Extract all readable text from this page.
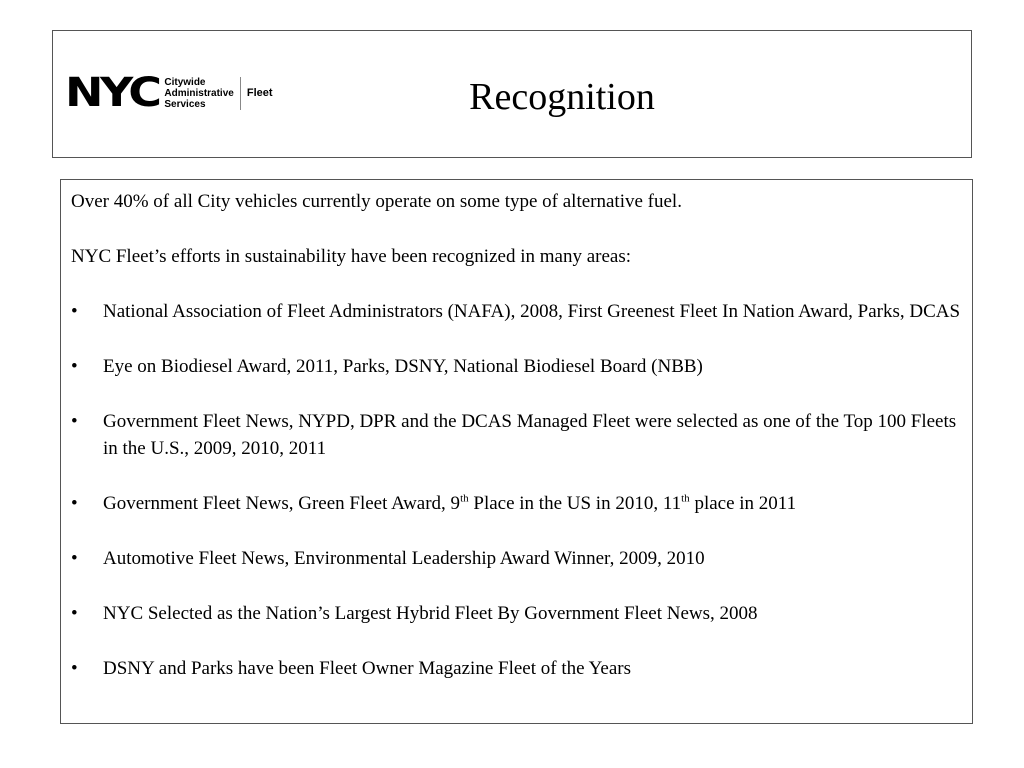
NYC Citywide
Administrative
Services
Fleet	Recognition

Over 40% of all City vehicles currently operate on some type of alternative fuel.

NYC Fleet’s efforts in sustainability have been recognized in many areas:

•	National Association of Fleet Administrators (NAFA), 2008, First Greenest Fleet In Nation Award, Parks, DCAS
•	Eye on Biodiesel Award, 2011, Parks, DSNY, National Biodiesel Board (NBB)
•	Government Fleet News, NYPD, DPR and the DCAS Managed Fleet were selected as one of the Top 100 Fleets in the U.S., 2009, 2010, 2011
•	Government Fleet News, Green Fleet Award, 9th Place in the US in 2010, 11th place in 2011
•	Automotive Fleet News, Environmental Leadership Award Winner, 2009, 2010
•	NYC Selected as the Nation’s Largest Hybrid Fleet By Government Fleet News, 2008
•	DSNY and Parks have been Fleet Owner Magazine Fleet of the Years
